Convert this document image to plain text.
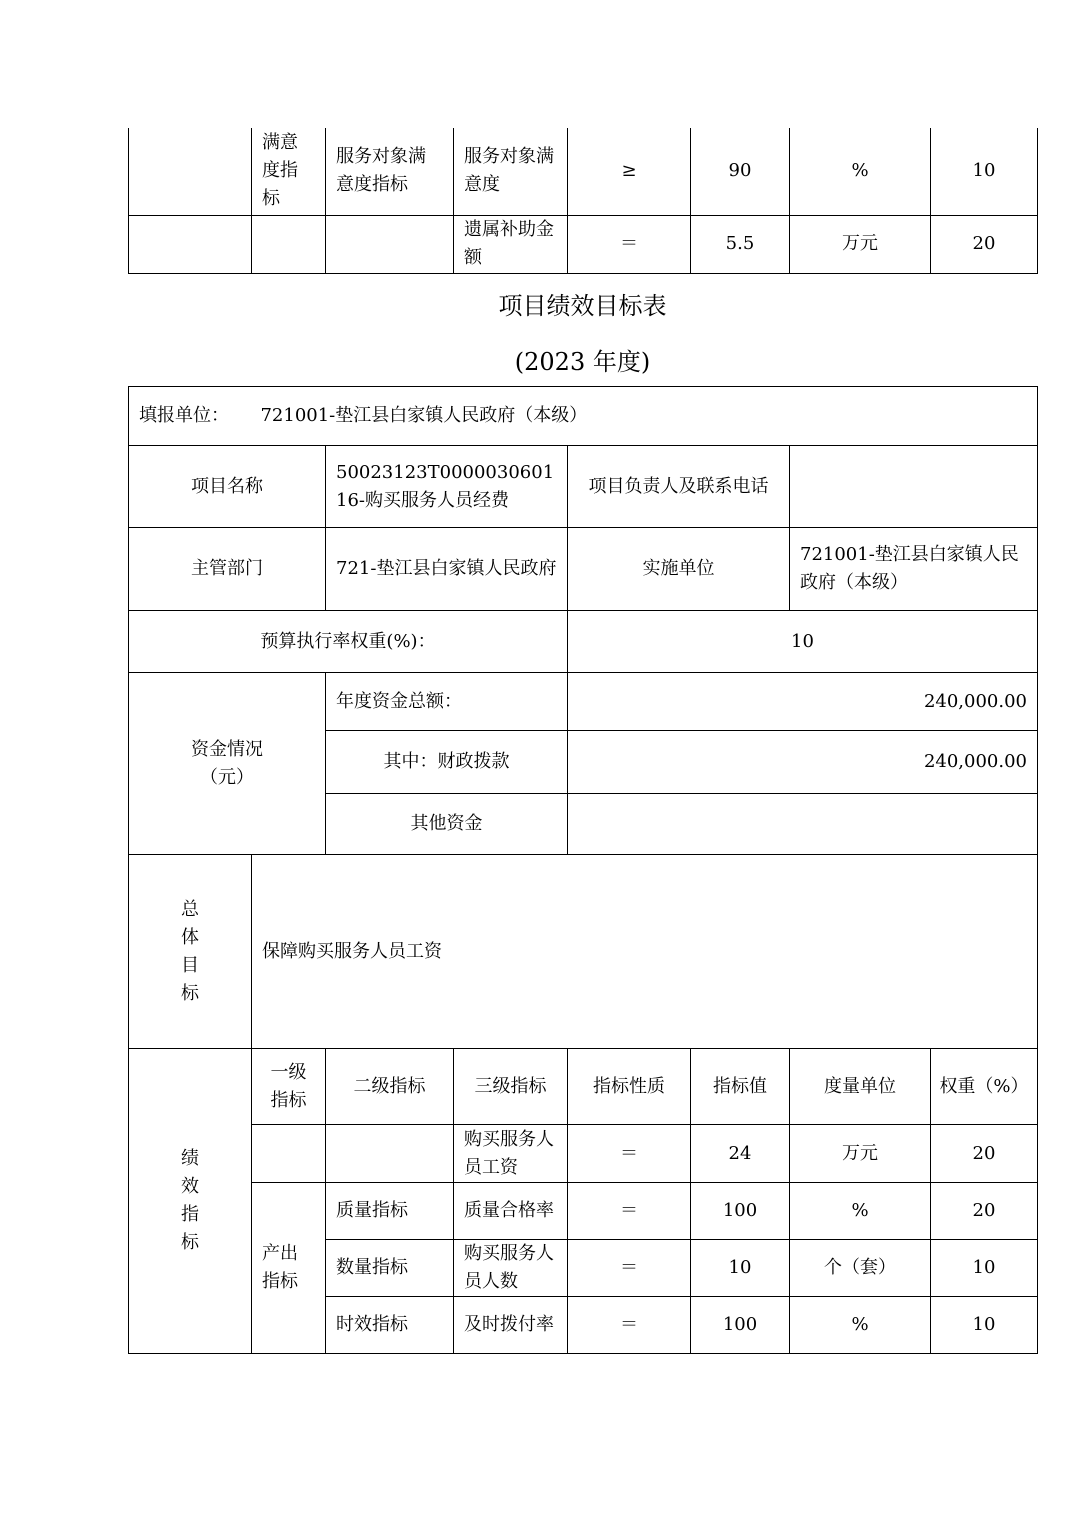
	满意度指标	服务对象满意度指标	服务对象满意度	≥	90	%	10
			遗属补助金额	＝	5.5	万元	20
项目绩效目标表
(2023 年度)
填报单位： 721001-垫江县白家镇人民政府（本级）							
项目名称		50023123T000003060116-购买服务人员经费		项目负责人及联系电话			
主管部门		721-垫江县白家镇人民政府		实施单位		721001-垫江县白家镇人民政府（本级）	
预算执行率权重(%)：				10			

资金情况（元）		年度资金总额：		240,000.00			
		其中：财政拨款		240,000.00			
		其他资金					

总体目标	保障购买服务人员工资						

绩效指标	一级指标	二级指标	三级指标	指标性质	指标值	度量单位	权重（%）
			购买服务人员工资	＝	24	万元	20
	产出指标	质量指标	质量合格率	＝	100	%	20
		数量指标	购买服务人员人数	＝	10	个（套）	10
		时效指标	及时拨付率	＝	100	%	10
